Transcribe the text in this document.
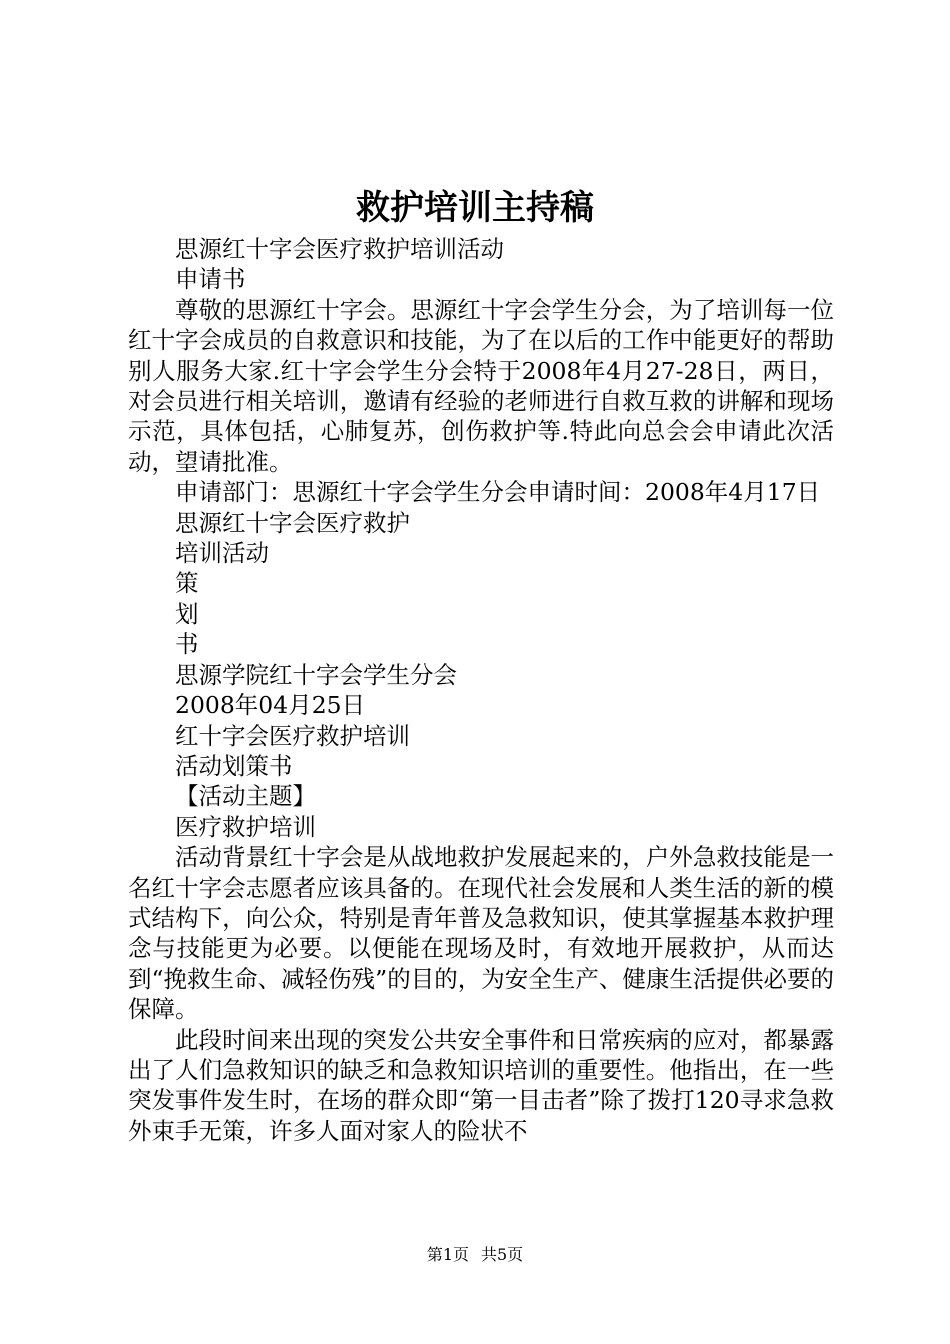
救护培训主持稿

思源红十字会医疗救护培训活动

申请书

尊敬的思源红十字会。思源红十字会学生分会，为了培训每一位红十字会成员的自救意识和技能，为了在以后的工作中能更好的帮助别人服务大家.红十字会学生分会特于2008年4月27-28日，两日，对会员进行相关培训，邀请有经验的老师进行自救互救的讲解和现场示范，具体包括，心肺复苏，创伤救护等.特此向总会会申请此次活动，望请批准。

申请部门：思源红十字会学生分会申请时间：2008年4月17日

思源红十字会医疗救护

培训活动

策

划

书

思源学院红十字会学生分会

2008年04月25日

红十字会医疗救护培训

活动划策书

【活动主题】

医疗救护培训

活动背景红十字会是从战地救护发展起来的，户外急救技能是一名红十字会志愿者应该具备的。在现代社会发展和人类生活的新的模式结构下，向公众，特别是青年普及急救知识，使其掌握基本救护理念与技能更为必要。以便能在现场及时，有效地开展救护，从而达到“挽救生命、减轻伤残”的目的，为安全生产、健康生活提供必要的保障。

此段时间来出现的突发公共安全事件和日常疾病的应对，都暴露出了人们急救知识的缺乏和急救知识培训的重要性。他指出，在一些突发事件发生时，在场的群众即“第一目击者”除了拨打120寻求急救外束手无策，许多人面对家人的险状不

第1页 共5页
